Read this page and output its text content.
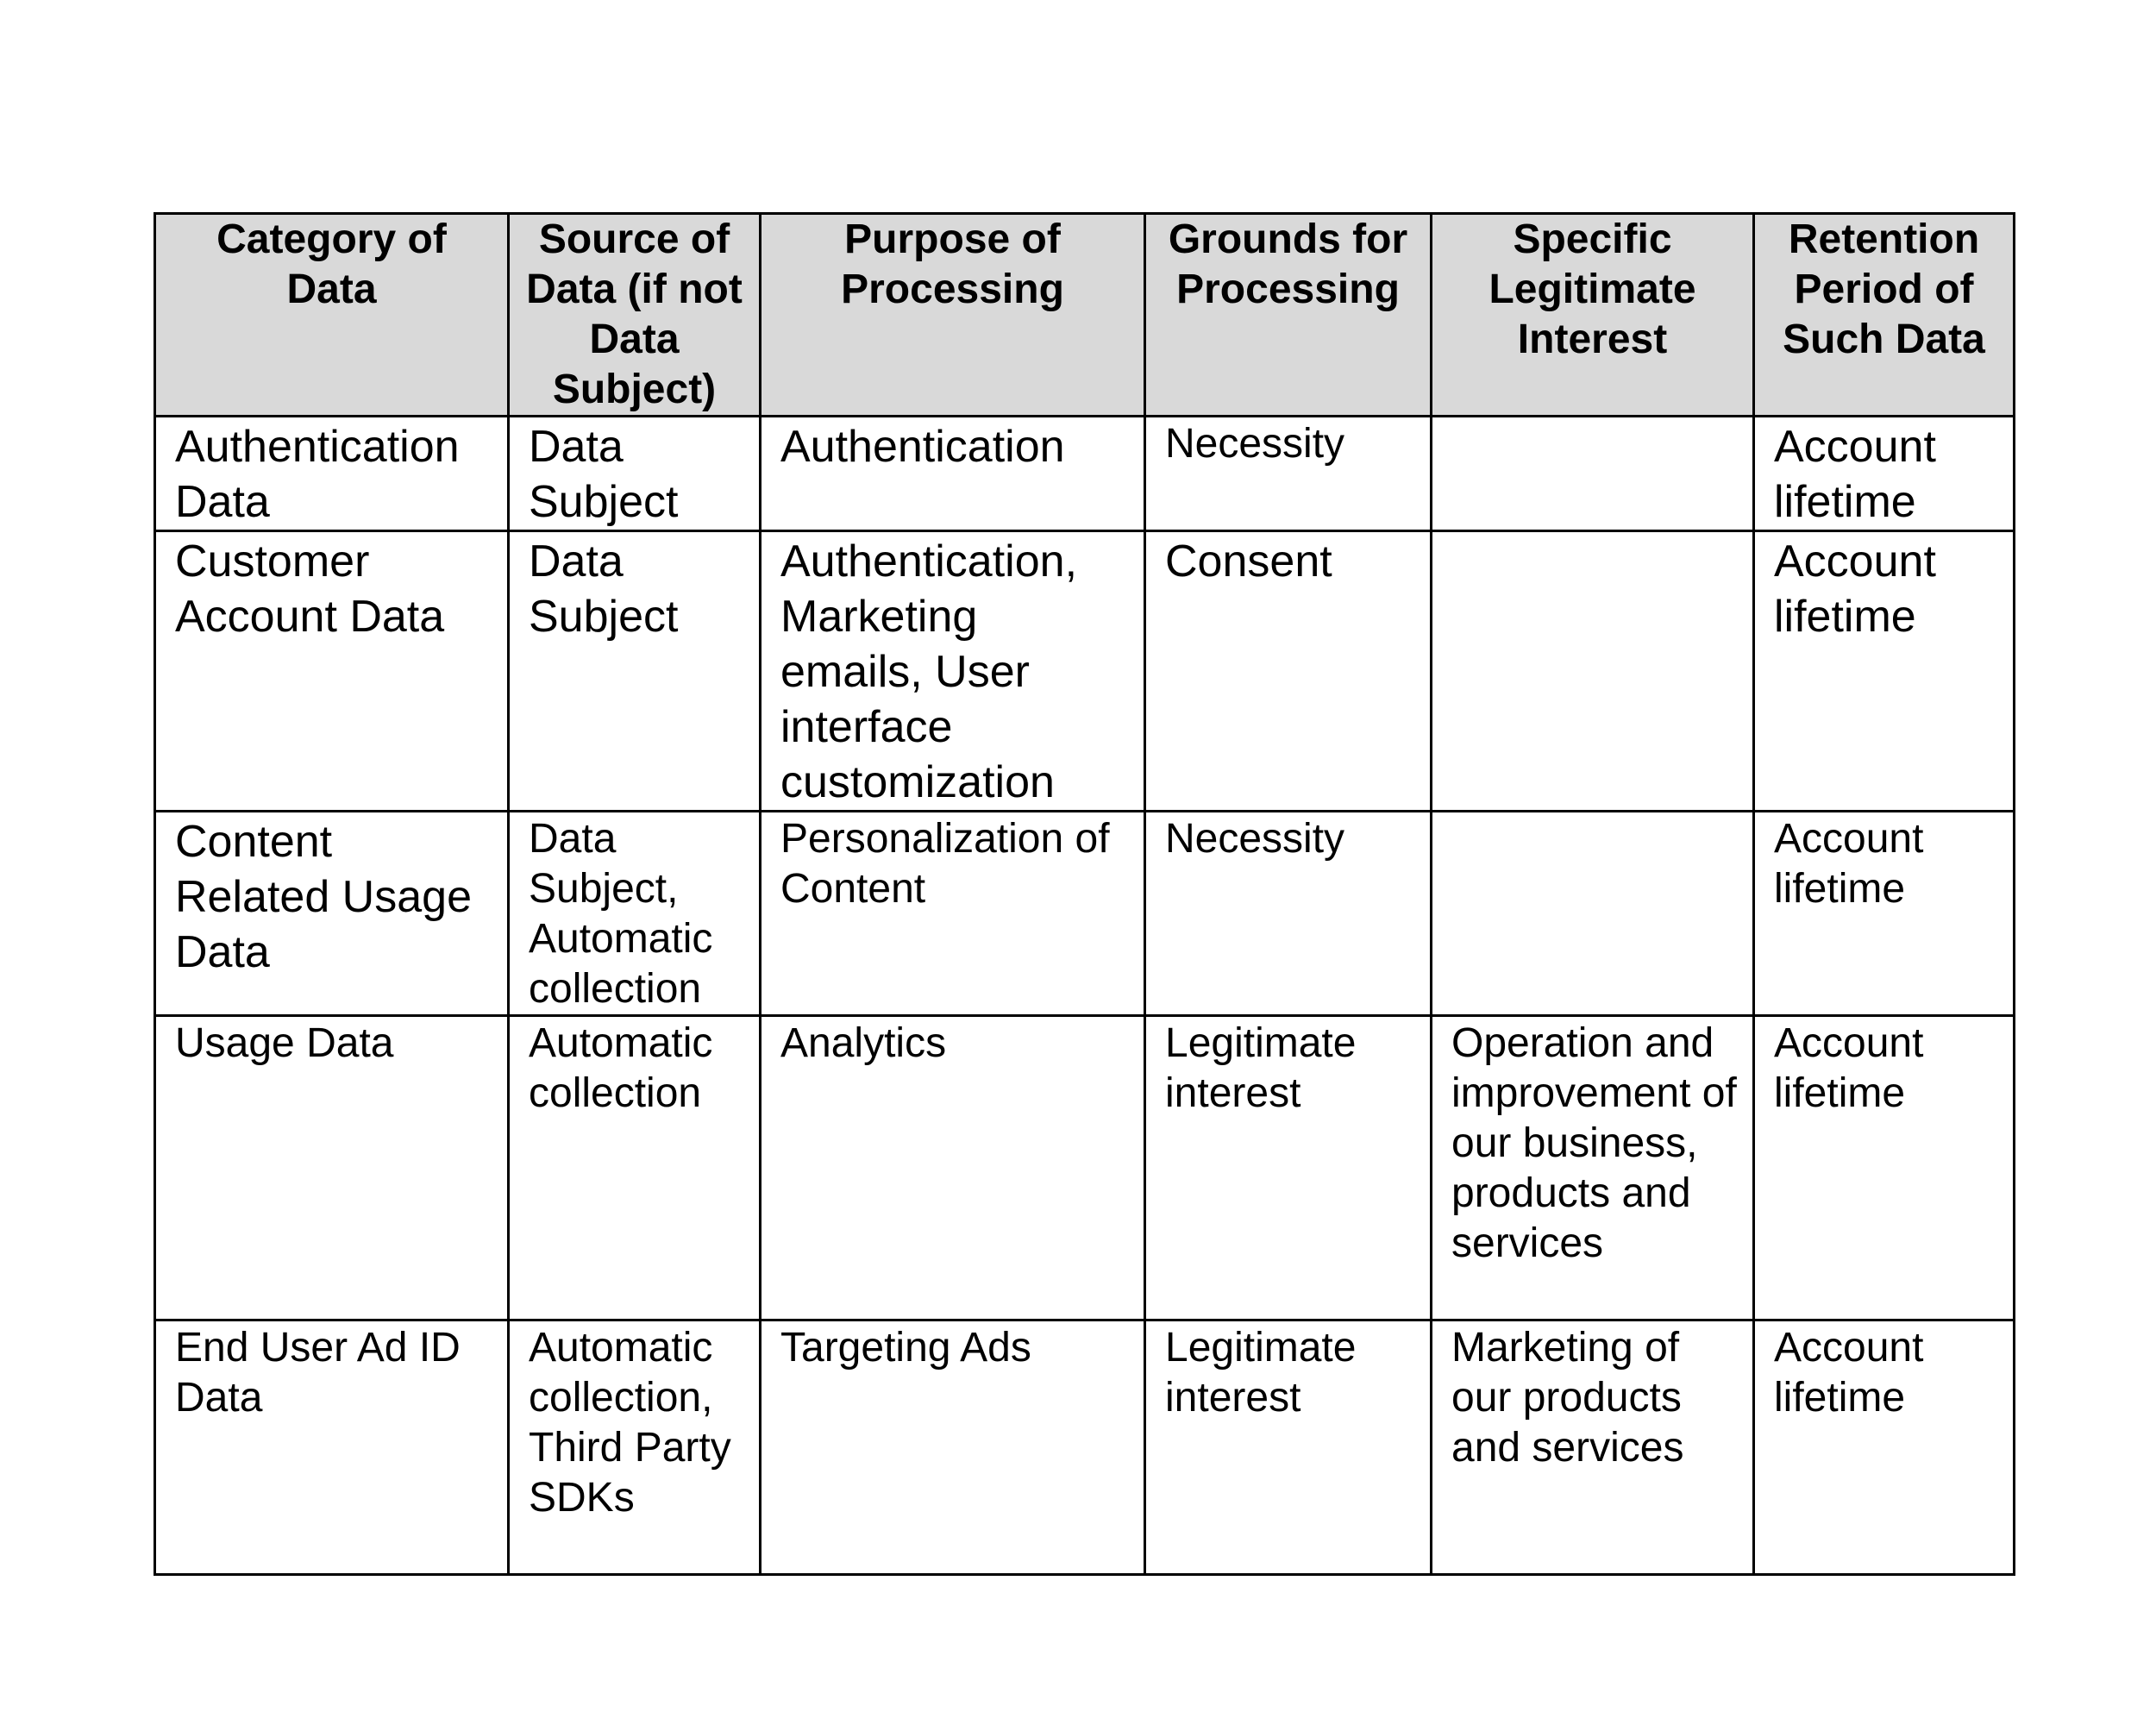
Category of Data	Source of Data (if not Data Subject)	Purpose of Processing	Grounds for Processing	Specific Legitimate Interest	Retention Period of Such Data
Authentication Data	Data Subject	Authentication	Necessity		Account lifetime
Customer Account Data	Data Subject	Authentication, Marketing emails, User interface customization	Consent		Account lifetime
Content Related Usage Data	Data Subject, Automatic collection	Personalization of Content	Necessity		Account lifetime
Usage Data	Automatic collection	Analytics	Legitimate interest	Operation and improvement of our business, products and services	Account lifetime
End User Ad ID Data	Automatic collection, Third Party SDKs	Targeting Ads	Legitimate interest	Marketing of our products and services	Account lifetime
